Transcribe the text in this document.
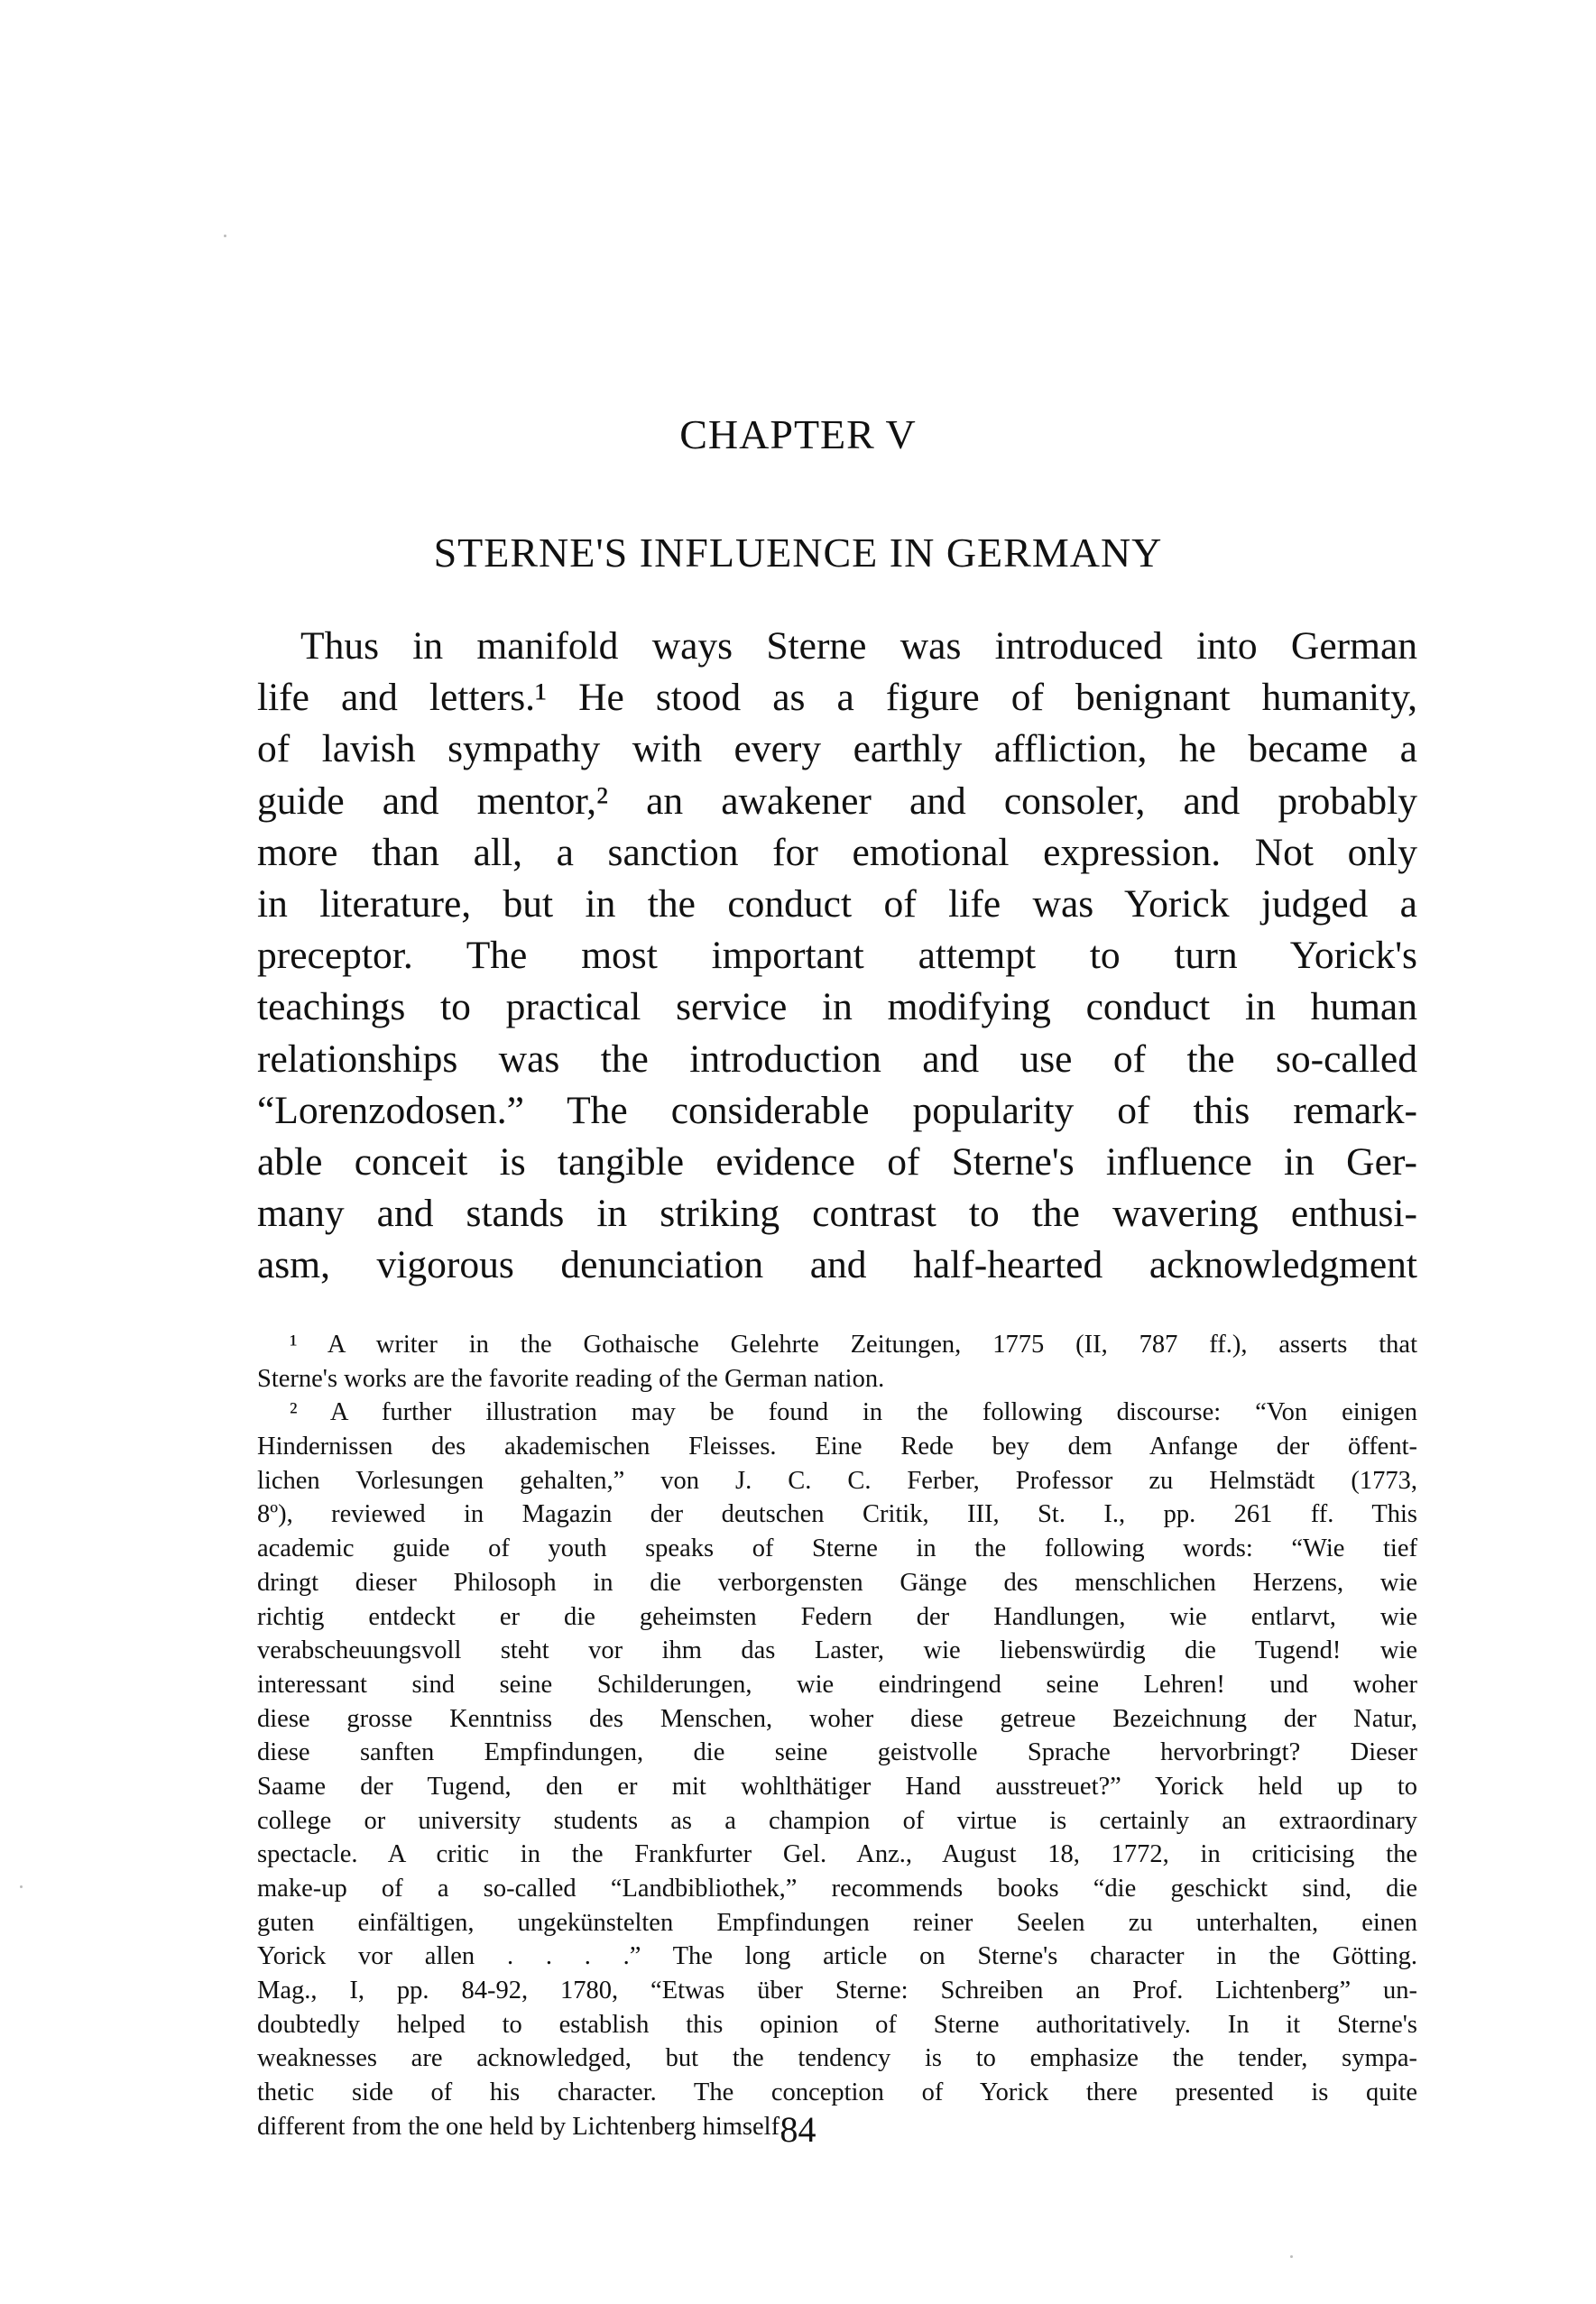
CHAPTER V
STERNE'S INFLUENCE IN GERMANY
Thus in manifold ways Sterne was introduced into German
life and letters.¹ He stood as a figure of benignant humanity,
of lavish sympathy with every earthly affliction, he became a
guide and mentor,² an awakener and consoler, and probably
more than all, a sanction for emotional expression. Not only
in literature, but in the conduct of life was Yorick judged a
preceptor. The most important attempt to turn Yorick's
teachings to practical service in modifying conduct in human
relationships was the introduction and use of the so-called
“Lorenzodosen.” The considerable popularity of this remark-
able conceit is tangible evidence of Sterne's influence in Ger-
many and stands in striking contrast to the wavering enthusi-
asm, vigorous denunciation and half-hearted acknowledgment
¹ A writer in the Gothaische Gelehrte Zeitungen, 1775 (II, 787 ff.), asserts that
Sterne's works are the favorite reading of the German nation.
² A further illustration may be found in the following discourse: “Von einigen
Hindernissen des akademischen Fleisses. Eine Rede bey dem Anfange der öffent-
lichen Vorlesungen gehalten,” von J. C. C. Ferber, Professor zu Helmstädt (1773,
8º), reviewed in Magazin der deutschen Critik, III, St. I., pp. 261 ff. This
academic guide of youth speaks of Sterne in the following words: “Wie tief
dringt dieser Philosoph in die verborgensten Gänge des menschlichen Herzens, wie
richtig entdeckt er die geheimsten Federn der Handlungen, wie entlarvt, wie
verabscheuungsvoll steht vor ihm das Laster, wie liebenswürdig die Tugend! wie
interessant sind seine Schilderungen, wie eindringend seine Lehren! und woher
diese grosse Kenntniss des Menschen, woher diese getreue Bezeichnung der Natur,
diese sanften Empfindungen, die seine geistvolle Sprache hervorbringt? Dieser
Saame der Tugend, den er mit wohlthätiger Hand ausstreuet?” Yorick held up to
college or university students as a champion of virtue is certainly an extraordinary
spectacle. A critic in the Frankfurter Gel. Anz., August 18, 1772, in criticising the
make-up of a so-called “Landbibliothek,” recommends books “die geschickt sind, die
guten einfältigen, ungekünstelten Empfindungen reiner Seelen zu unterhalten, einen
Yorick vor allen . . . .” The long article on Sterne's character in the Götting.
Mag., I, pp. 84-92, 1780, “Etwas über Sterne: Schreiben an Prof. Lichtenberg” un-
doubtedly helped to establish this opinion of Sterne authoritatively. In it Sterne's
weaknesses are acknowledged, but the tendency is to emphasize the tender, sympa-
thetic side of his character. The conception of Yorick there presented is quite
different from the one held by Lichtenberg himself.
84
